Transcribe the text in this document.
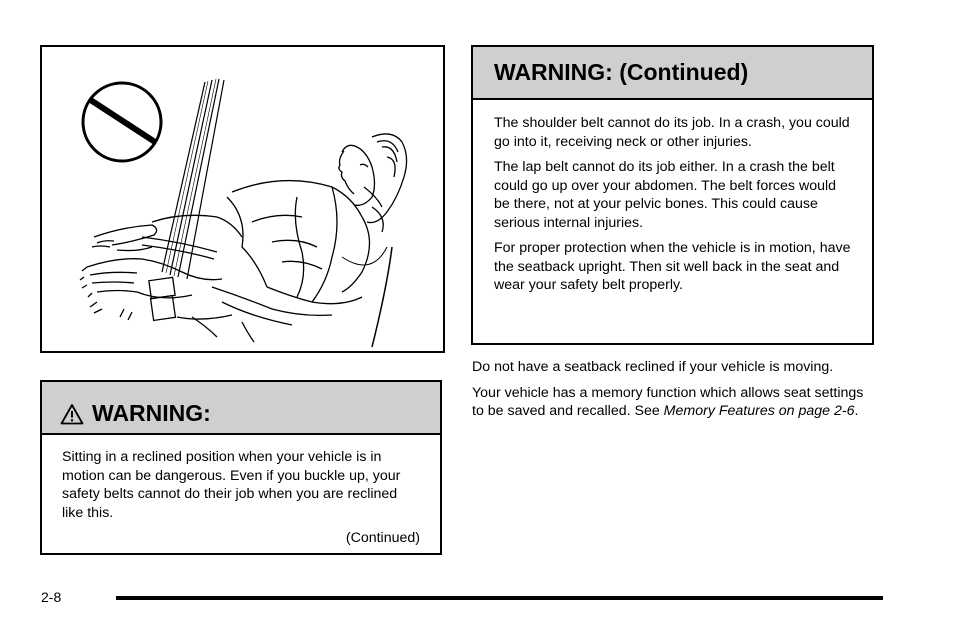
WARNING:

Sitting in a reclined position when your vehicle is in motion can be dangerous. Even if you buckle up, your safety belts cannot do their job when you are reclined like this.

(Continued)
WARNING: (Continued)

The shoulder belt cannot do its job. In a crash, you could go into it, receiving neck or other injuries.

The lap belt cannot do its job either. In a crash the belt could go up over your abdomen. The belt forces would be there, not at your pelvic bones. This could cause serious internal injuries.

For proper protection when the vehicle is in motion, have the seatback upright. Then sit well back in the seat and wear your safety belt properly.

Do not have a seatback reclined if your vehicle is moving.

Your vehicle has a memory function which allows seat settings to be saved and recalled. See Memory Features on page 2-6.

2-8
